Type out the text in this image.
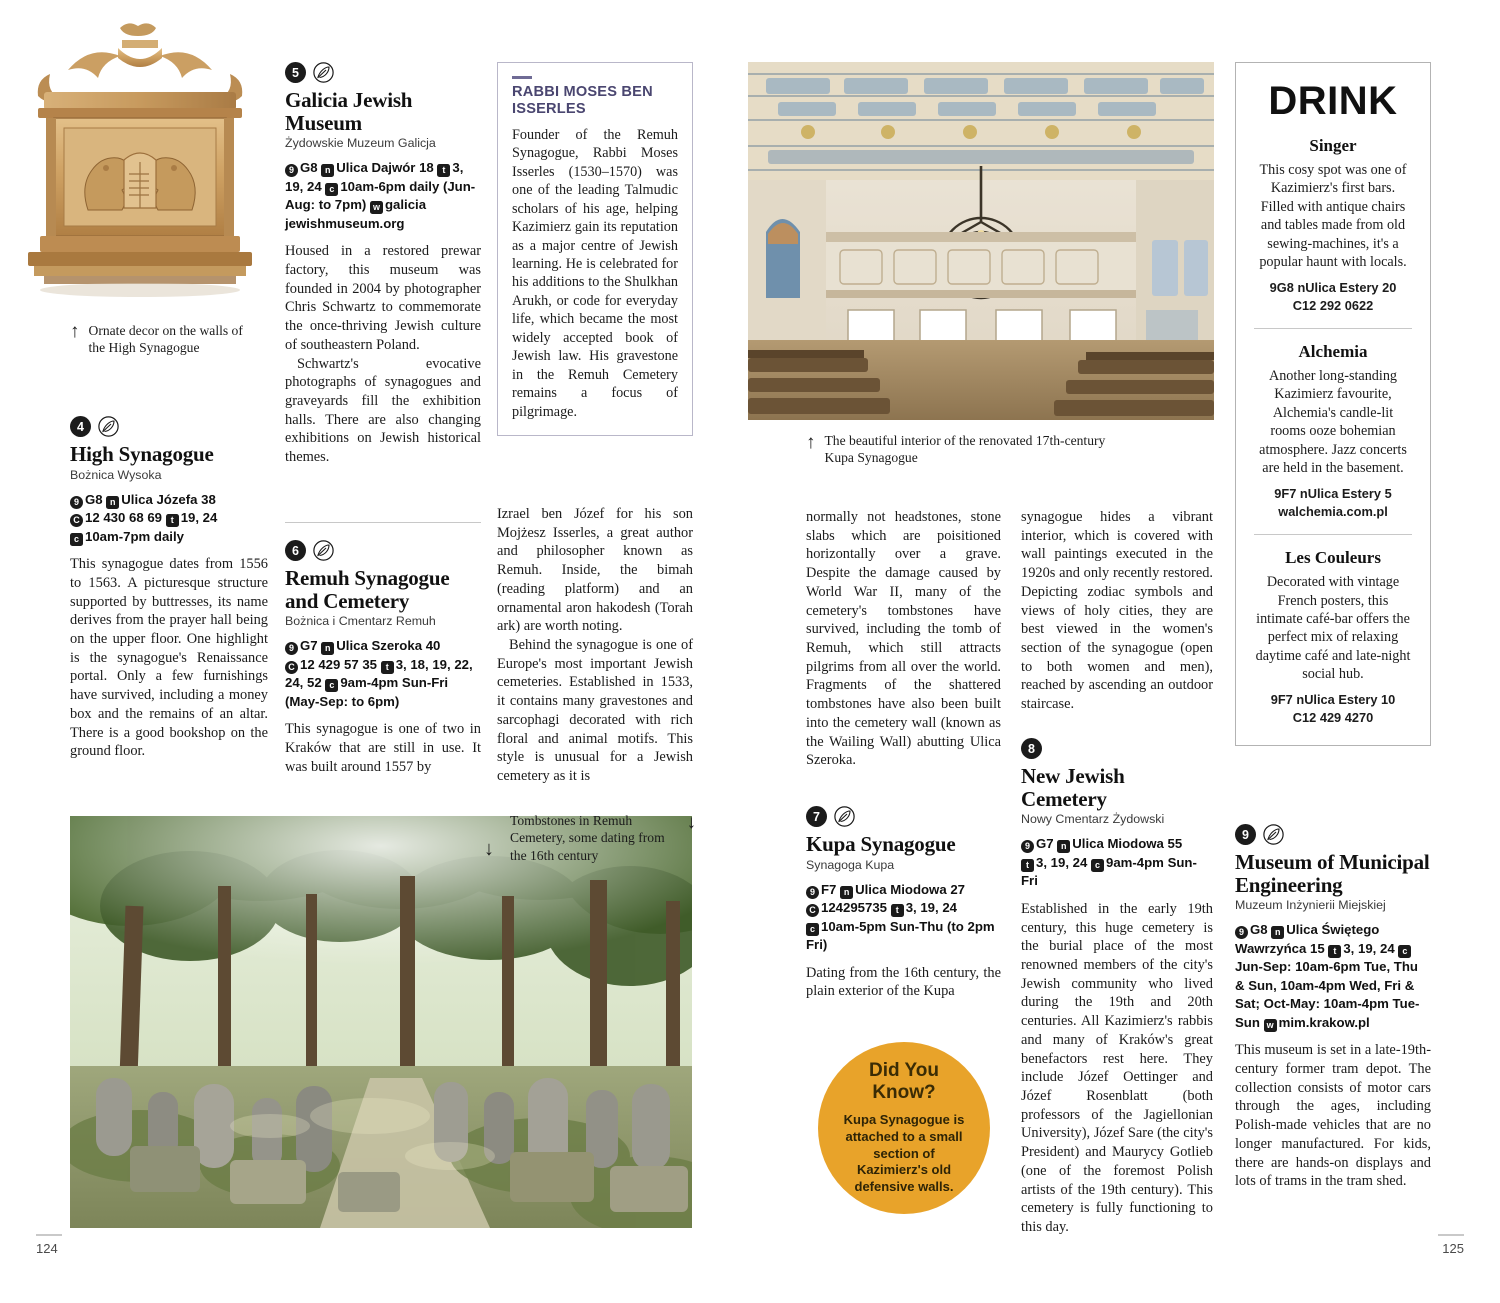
↑ Ornate decor on the walls of the High Synagogue
4
High Synagogue
Bożnica Wysoka
9 G8 n Ulica Józefa 38
C 12 430 68 69 t 19, 24
c 10am-7pm daily

This synagogue dates from 1556 to 1563. A picturesque structure supported by buttresses, its name derives from the prayer hall being on the upper floor. One highlight is the synagogue's Renaissance portal. Only a few furnishings have survived, including a money box and the remains of an altar. There is a good bookshop on the ground floor.

5
Galicia Jewish Museum
Żydowskie Muzeum Galicja
9 G8 n Ulica Dajwór 18 t 3, 19, 24 c 10am-6pm daily (Jun-Aug: to 7pm) w galicia jewishmuseum.org

Housed in a restored prewar factory, this museum was founded in 2004 by photographer Chris Schwartz to commemorate the once-thriving Jewish culture of southeastern Poland.

Schwartz's evocative photographs of synagogues and graveyards fill the exhibition halls. There are also changing exhibitions on Jewish historical themes.

6
Remuh Synagogue and Cemetery
Bożnica i Cmentarz Remuh
9 G7 n Ulica Szeroka 40
C 12 429 57 35 t 3, 18, 19, 22, 24, 52 c 9am-4pm Sun-Fri (May-Sep: to 6pm)

This synagogue is one of two in Kraków that are still in use. It was built around 1557 by

RABBI MOSES BEN ISSERLES
Founder of the Remuh Synagogue, Rabbi Moses Isserles (1530–1570) was one of the leading Talmudic scholars of his age, helping Kazimierz gain its reputation as a major centre of Jewish learning. He is celebrated for his additions to the Shulkhan Arukh, or code for everyday life, which became the most widely accepted book of Jewish law. His gravestone in the Remuh Cemetery remains a focus of pilgrimage.

Izrael ben Józef for his son Mojżesz Isserles, a great author and philosopher known as Remuh. Inside, the bimah (reading platform) and an ornamental aron hakodesh (Torah ark) are worth noting.

Behind the synagogue is one of Europe's most important Jewish cemeteries. Established in 1533, it contains many gravestones and sarcophagi decorated with rich floral and animal motifs. This style is unusual for a Jewish cemetery as it is

↓
Tombstones in Remuh Cemetery, some dating from the 16th century
↓
124
↑ The beautiful interior of the renovated 17th-century Kupa Synagogue

normally not headstones, stone slabs which are poisitioned horizontally over a grave. Despite the damage caused by World War II, many of the cemetery's tombstones have survived, including the tomb of Remuh, which still attracts pilgrims from all over the world. Fragments of the shattered tombstones have also been built into the cemetery wall (known as the Wailing Wall) abutting Ulica Szeroka.

7
Kupa Synagogue
Synagoga Kupa
9 F7 n Ulica Miodowa 27
C 124295735 t 3, 19, 24
c 10am-5pm Sun-Thu (to 2pm Fri)

Dating from the 16th century, the plain exterior of the Kupa

Did You Know?
Kupa Synagogue is attached to a small section of Kazimierz's old defensive walls.

synagogue hides a vibrant interior, which is covered with wall paintings executed in the 1920s and only recently restored. Depicting zodiac symbols and views of holy cities, they are best viewed in the women's section of the synagogue (open to both women and men), reached by ascending an outdoor staircase.

8
New Jewish Cemetery
Nowy Cmentarz Żydowski
9 G7 n Ulica Miodowa 55
t 3, 19, 24 c 9am-4pm Sun-Fri

Established in the early 19th century, this huge cemetery is the burial place of the most renowned members of the city's Jewish community who lived during the 19th and 20th centuries. All Kazimierz's rabbis and many of Kraków's great benefactors rest here. They include Józef Oettinger and Józef Rosenblatt (both professors of the Jagiellonian University), Józef Sare (the city's President) and Maurycy Gotlieb (one of the foremost Polish artists of the 19th century). This cemetery is fully functioning to this day.

9
Museum of Municipal Engineering
Muzeum Inżynierii Miejskiej
9 G8 n Ulica Świętego Wawrzyńca 15 t 3, 19, 24 cJun-Sep: 10am-6pm Tue, Thu & Sun, 10am-4pm Wed, Fri & Sat; Oct-May: 10am-4pm Tue-Sun w mim.krakow.pl

This museum is set in a late-19th-century former tram depot. The collection consists of motor cars through the ages, including Polish-made vehicles that are no longer manufactured. For kids, there are hands-on displays and lots of trams in the tram shed.

DRINK
Singer
This cosy spot was one of Kazimierz's first bars. Filled with antique chairs and tables made from old sewing-machines, it's a popular haunt with locals.
9G8 nUlica Estery 20
C12 292 0622
Alchemia
Another long-standing Kazimierz favourite, Alchemia's candle-lit rooms ooze bohemian atmosphere. Jazz concerts are held in the basement.
9F7 nUlica Estery 5
walchemia.com.pl
Les Couleurs
Decorated with vintage French posters, this intimate café-bar offers the perfect mix of relaxing daytime café and late-night social hub.
9F7 nUlica Estery 10
C12 429 4270
125
